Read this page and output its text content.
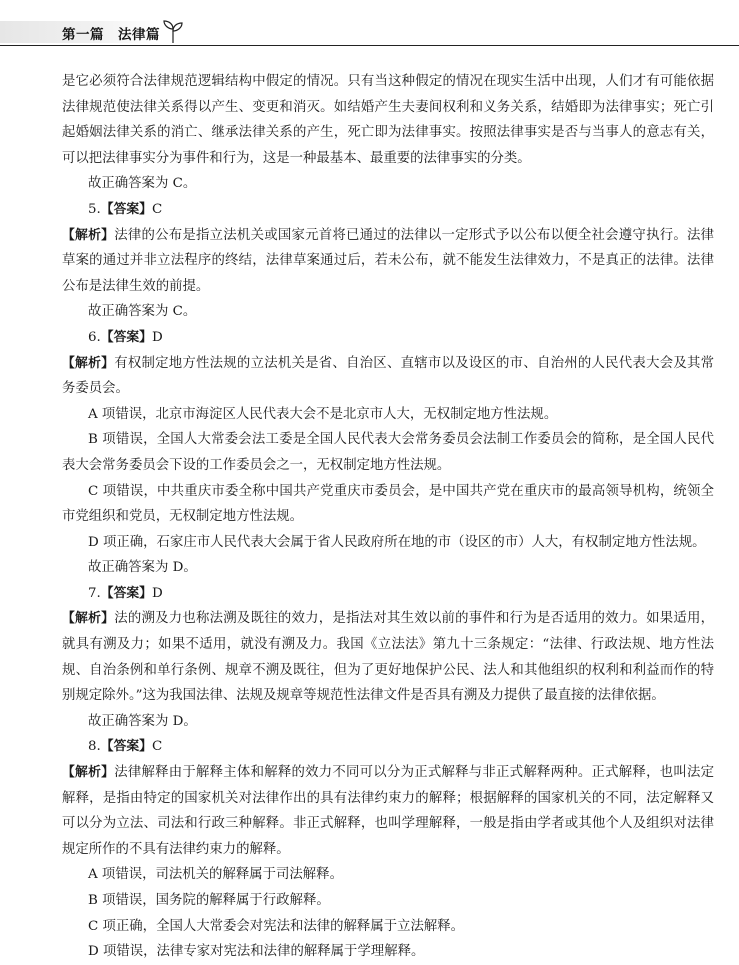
第一篇　法律篇

是它必须符合法律规范逻辑结构中假定的情况。只有当这种假定的情况在现实生活中出现，人们才有可能依据法律规范使法律关系得以产生、变更和消灭。如结婚产生夫妻间权利和义务关系，结婚即为法律事实；死亡引起婚姻法律关系的消亡、继承法律关系的产生，死亡即为法律事实。按照法律事实是否与当事人的意志有关，可以把法律事实分为事件和行为，这是一种最基本、最重要的法律事实的分类。

故正确答案为 C。

5.【答案】C

【解析】法律的公布是指立法机关或国家元首将已通过的法律以一定形式予以公布以便全社会遵守执行。法律草案的通过并非立法程序的终结，法律草案通过后，若未公布，就不能发生法律效力，不是真正的法律。法律公布是法律生效的前提。

故正确答案为 C。

6.【答案】D

【解析】有权制定地方性法规的立法机关是省、自治区、直辖市以及设区的市、自治州的人民代表大会及其常务委员会。

A 项错误，北京市海淀区人民代表大会不是北京市人大，无权制定地方性法规。

B 项错误，全国人大常委会法工委是全国人民代表大会常务委员会法制工作委员会的简称，是全国人民代表大会常务委员会下设的工作委员会之一，无权制定地方性法规。

C 项错误，中共重庆市委全称中国共产党重庆市委员会，是中国共产党在重庆市的最高领导机构，统领全市党组织和党员，无权制定地方性法规。

D 项正确，石家庄市人民代表大会属于省人民政府所在地的市（设区的市）人大，有权制定地方性法规。

故正确答案为 D。

7.【答案】D

【解析】法的溯及力也称法溯及既往的效力，是指法对其生效以前的事件和行为是否适用的效力。如果适用，就具有溯及力；如果不适用，就没有溯及力。我国《立法法》第九十三条规定：“法律、行政法规、地方性法规、自治条例和单行条例、规章不溯及既往，但为了更好地保护公民、法人和其他组织的权利和利益而作的特别规定除外。”这为我国法律、法规及规章等规范性法律文件是否具有溯及力提供了最直接的法律依据。

故正确答案为 D。

8.【答案】C

【解析】法律解释由于解释主体和解释的效力不同可以分为正式解释与非正式解释两种。正式解释，也叫法定解释，是指由特定的国家机关对法律作出的具有法律约束力的解释；根据解释的国家机关的不同，法定解释又可以分为立法、司法和行政三种解释。非正式解释，也叫学理解释，一般是指由学者或其他个人及组织对法律规定所作的不具有法律约束力的解释。

A 项错误，司法机关的解释属于司法解释。

B 项错误，国务院的解释属于行政解释。

C 项正确，全国人大常委会对宪法和法律的解释属于立法解释。

D 项错误，法律专家对宪法和法律的解释属于学理解释。
